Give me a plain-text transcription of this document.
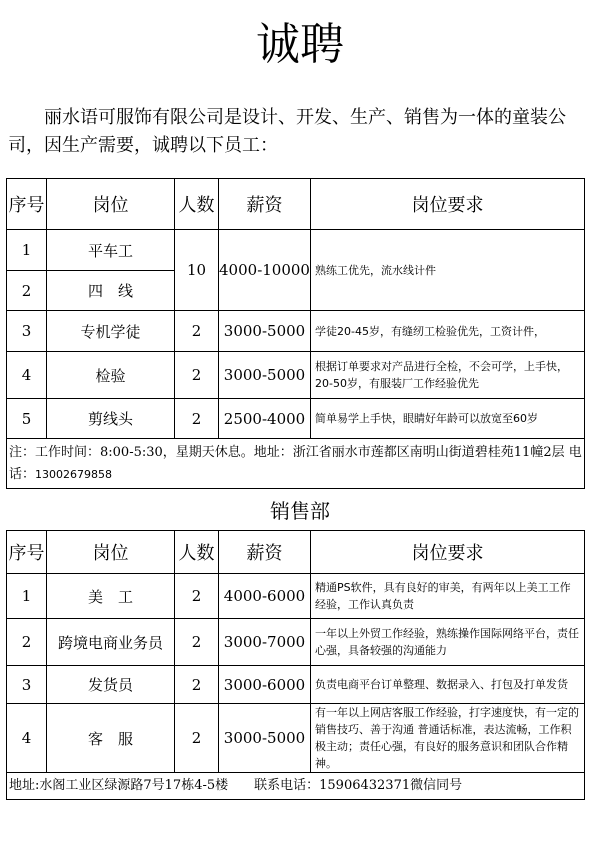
诚聘
丽水语可服饰有限公司是设计、开发、生产、销售为一体的童装公司，因生产需要，诚聘以下员工：
序号	岗位	人数	薪资	岗位要求
1	平车工	10	4000-10000	熟练工优先，流水线计件
2	四　线			
3	专机学徒	2	3000-5000	学徒20-45岁，有缝纫工检验优先，工资计件，
4	检验	2	3000-5000	根据订单要求对产品进行全检，不会可学，上手快，20-50岁，有服装厂工作经验优先
5	剪线头	2	2500-4000	简单易学上手快，眼睛好年龄可以放宽至60岁
注：工作时间：8:00-5:30，星期天休息。地址：浙江省丽水市莲都区南明山街道碧桂苑11幢2层 电话：13002679858				
销售部
序号	岗位	人数	薪资	岗位要求
1	美　工	2	4000-6000	精通PS软件，具有良好的审美，有两年以上美工工作经验，工作认真负责
2	跨境电商业务员	2	3000-7000	一年以上外贸工作经验，熟练操作国际网络平台，责任心强，具备较强的沟通能力
3	发货员	2	3000-6000	负责电商平台订单整理、数据录入、打包及打单发货
4	客　服	2	3000-5000	有一年以上网店客服工作经验，打字速度快，有一定的销售技巧、善于沟通 普通话标准，表达流畅，工作积极主动；责任心强，有良好的服务意识和团队合作精神。
地址:水阁工业区绿源路7号17栋4-5楼　　联系电话：15906432371微信同号				
